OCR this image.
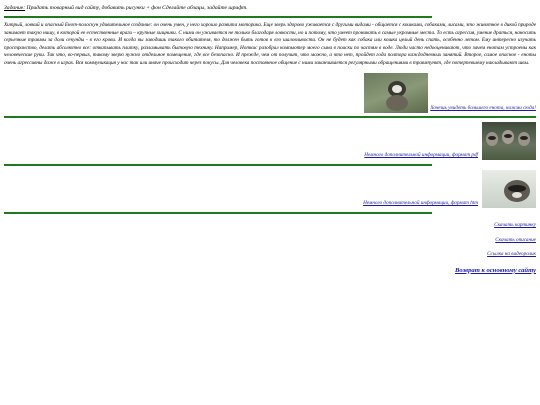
Задание: Придать товарный вид сайту, добавить рисунки + фон Сделайте абзацы, задайте шрифт.

Хитрый, ловкий и опасный Енот-полоскун удивительное создание: он очень умен, у него хорошо развита моторика. Еще зверь здорово уживается с другими видами - общается с кошками, собаками, лисами, это животное в дикой природе занимает такую нишу, в которой ее естественные враги – крупные хищники. С ними он уживается не только благодаря ловкости, но и потому, что умеет проникать в самые укромные места. То есть агрессия, умение драться, наносить серьезные травмы за доли секунды - в его крови. И когда вы заводишь такого обитателя, то должен быть готов к его шаловливости. Он не будет как собака или кошка целый день спать, особенно летом. Ему интересно изучать пространство, делать абсолютно все: откапывать плитку, разламывать бытовую технику. Например, Ноткис разобрал компьютер моего сына в поиски по частям в воде. Люди часто недооценивают, что зачем енотам устроены как человеческие руки. Так что, во-первых, такому зверю нужно отдельное помещение, где все безопасно. И прежде, чем от получит, что можно, а что нет, пройдет года полтора каждодневных занятий. Второе, самое опасное - еноты очень агрессивны даже в играх. Вся коммуникация у нас так или иначе происходит через покусы. Для человека постоянное общение с ними заканчивается регулярными обращениями в травмпункт, где потерпевшему накладывают швы.

Хочешь увидеть большего енота, нажми сюда!
Немного дополнительной информации, формат pdf
Немного дополнительной информации, формат htm
Скачать картинку
Скачать описание
Ссылка на видеоролик
Возврат к основному сайту
